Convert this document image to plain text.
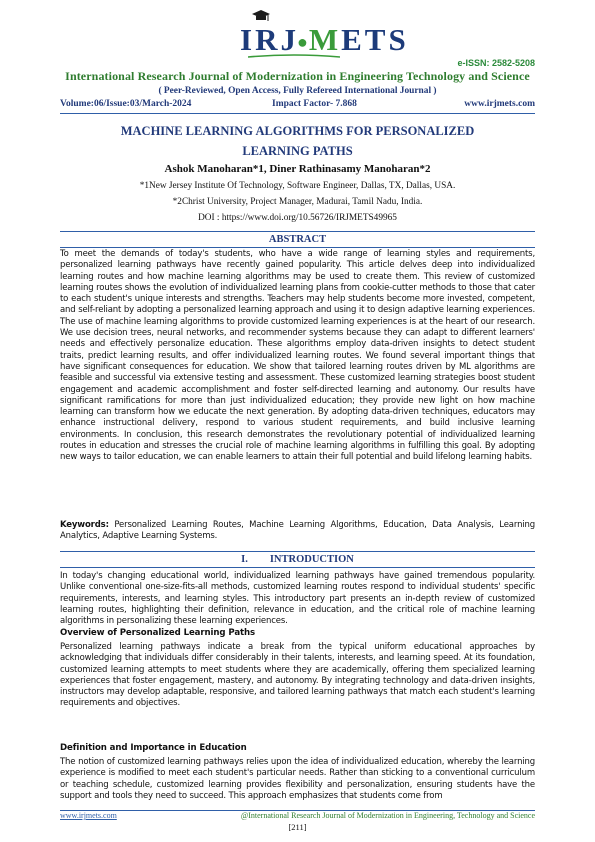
IRJ●METS
e-ISSN: 2582-5208
International Research Journal of Modernization in Engineering Technology and Science
( Peer-Reviewed, Open Access, Fully Refereed International Journal )
Volume:06/Issue:03/March-2024	Impact Factor- 7.868	www.irjmets.com
MACHINE LEARNING ALGORITHMS FOR PERSONALIZED
LEARNING PATHS
Ashok Manoharan*1, Diner Rathinasamy Manoharan*2
*1New Jersey Institute Of Technology, Software Engineer, Dallas, TX, Dallas, USA.
*2Christ University, Project Manager, Madurai, Tamil Nadu, India.
DOI : https://www.doi.org/10.56726/IRJMETS49965
ABSTRACT
To meet the demands of today's students, who have a wide range of learning styles and requirements, personalized learning pathways have recently gained popularity. This article delves deep into individualized learning routes and how machine learning algorithms may be used to create them. This review of customized learning routes shows the evolution of individualized learning plans from cookie-cutter methods to those that cater to each student's unique interests and strengths. Teachers may help students become more invested, competent, and self-reliant by adopting a personalized learning approach and using it to design adaptive learning experiences. The use of machine learning algorithms to provide customized learning experiences is at the heart of our research. We use decision trees, neural networks, and recommender systems because they can adapt to different learners' needs and effectively personalize education. These algorithms employ data-driven insights to detect student traits, predict learning results, and offer individualized learning routes. We found several important things that have significant consequences for education. We show that tailored learning routes driven by ML algorithms are feasible and successful via extensive testing and assessment. These customized learning strategies boost student engagement and academic accomplishment and foster self-directed learning and autonomy. Our results have significant ramifications for more than just individualized education; they provide new light on how machine learning can transform how we educate the next generation. By adopting data-driven techniques, educators may enhance instructional delivery, respond to various student requirements, and build inclusive learning environments. In conclusion, this research demonstrates the revolutionary potential of individualized learning routes in education and stresses the crucial role of machine learning algorithms in fulfilling this goal. By adopting new ways to tailor education, we can enable learners to attain their full potential and build lifelong learning habits.
Keywords: Personalized Learning Routes, Machine Learning Algorithms, Education, Data Analysis, Learning Analytics, Adaptive Learning Systems.
I. INTRODUCTION
In today's changing educational world, individualized learning pathways have gained tremendous popularity. Unlike conventional one-size-fits-all methods, customized learning routes respond to individual students' specific requirements, interests, and learning styles. This introductory part presents an in-depth review of customized learning routes, highlighting their definition, relevance in education, and the critical role of machine learning algorithms in personalizing these learning experiences.
Overview of Personalized Learning Paths
Personalized learning pathways indicate a break from the typical uniform educational approaches by acknowledging that individuals differ considerably in their talents, interests, and learning speed. At its foundation, customized learning attempts to meet students where they are academically, offering them specialized learning experiences that foster engagement, mastery, and autonomy. By integrating technology and data-driven insights, instructors may develop adaptable, responsive, and tailored learning pathways that match each student's learning requirements and objectives.
Definition and Importance in Education
The notion of customized learning pathways relies upon the idea of individualized education, whereby the learning experience is modified to meet each student's particular needs. Rather than sticking to a conventional curriculum or teaching schedule, customized learning provides flexibility and personalization, ensuring students have the support and tools they need to succeed. This approach emphasizes that students come from
www.irjmets.com	@International Research Journal of Modernization in Engineering, Technology and Science
[211]
